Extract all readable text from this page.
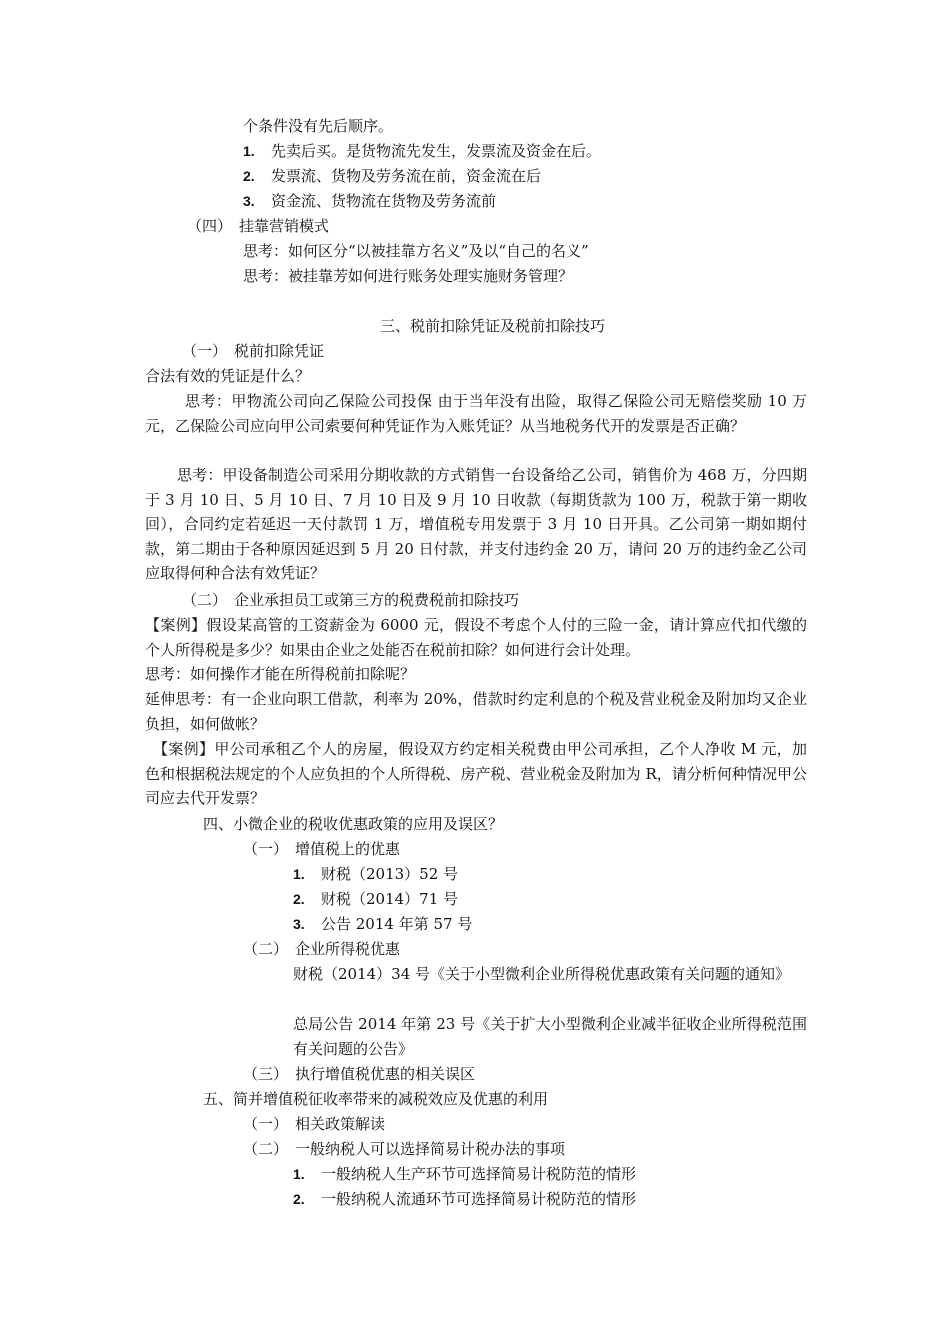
个条件没有先后顺序。
1. 先卖后买。是货物流先发生，发票流及资金在后。
2. 发票流、货物及劳务流在前，资金流在后
3. 资金流、货物流在货物及劳务流前
（四） 挂靠营销模式
思考：如何区分“以被挂靠方名义”及以“自己的名义”
思考：被挂靠芳如何进行账务处理实施财务管理？
三、税前扣除凭证及税前扣除技巧
（一） 税前扣除凭证
合法有效的凭证是什么？
思考：甲物流公司向乙保险公司投保 由于当年没有出险，取得乙保险公司无赔偿奖励 10 万元，乙保险公司应向甲公司索要何种凭证作为入账凭证？从当地税务代开的发票是否正确？
思考：甲设备制造公司采用分期收款的方式销售一台设备给乙公司，销售价为 468 万，分四期于 3 月 10 日、5 月 10 日、7 月 10 日及 9 月 10 日收款（每期货款为 100 万，税款于第一期收回），合同约定若延迟一天付款罚 1 万，增值税专用发票于 3 月 10 日开具。乙公司第一期如期付款，第二期由于各种原因延迟到 5 月 20 日付款，并支付违约金 20 万，请问 20 万的违约金乙公司应取得何种合法有效凭证？
（二） 企业承担员工或第三方的税费税前扣除技巧
【案例】假设某高管的工资薪金为 6000 元，假设不考虑个人付的三险一金，请计算应代扣代缴的个人所得税是多少？如果由企业之处能否在税前扣除？如何进行会计处理。
思考：如何操作才能在所得税前扣除呢？
延伸思考：有一企业向职工借款，利率为 20%，借款时约定利息的个税及营业税金及附加均又企业负担，如何做帐？
【案例】甲公司承租乙个人的房屋，假设双方约定相关税费由甲公司承担，乙个人净收 M 元，加色和根据税法规定的个人应负担的个人所得税、房产税、营业税金及附加为 R，请分析何种情况甲公司应去代开发票？
四、小微企业的税收优惠政策的应用及误区？
（一） 增值税上的优惠
1. 财税（2013）52 号
2. 财税（2014）71 号
3. 公告 2014 年第 57 号
（二） 企业所得税优惠
财税（2014）34 号《关于小型微利企业所得税优惠政策有关问题的通知》
总局公告 2014 年第 23 号《关于扩大小型微利企业减半征收企业所得税范围有关问题的公告》
（三） 执行增值税优惠的相关误区
五、简并增值税征收率带来的减税效应及优惠的利用
（一） 相关政策解读
（二） 一般纳税人可以选择简易计税办法的事项
1. 一般纳税人生产环节可选择简易计税防范的情形
2. 一般纳税人流通环节可选择简易计税防范的情形
